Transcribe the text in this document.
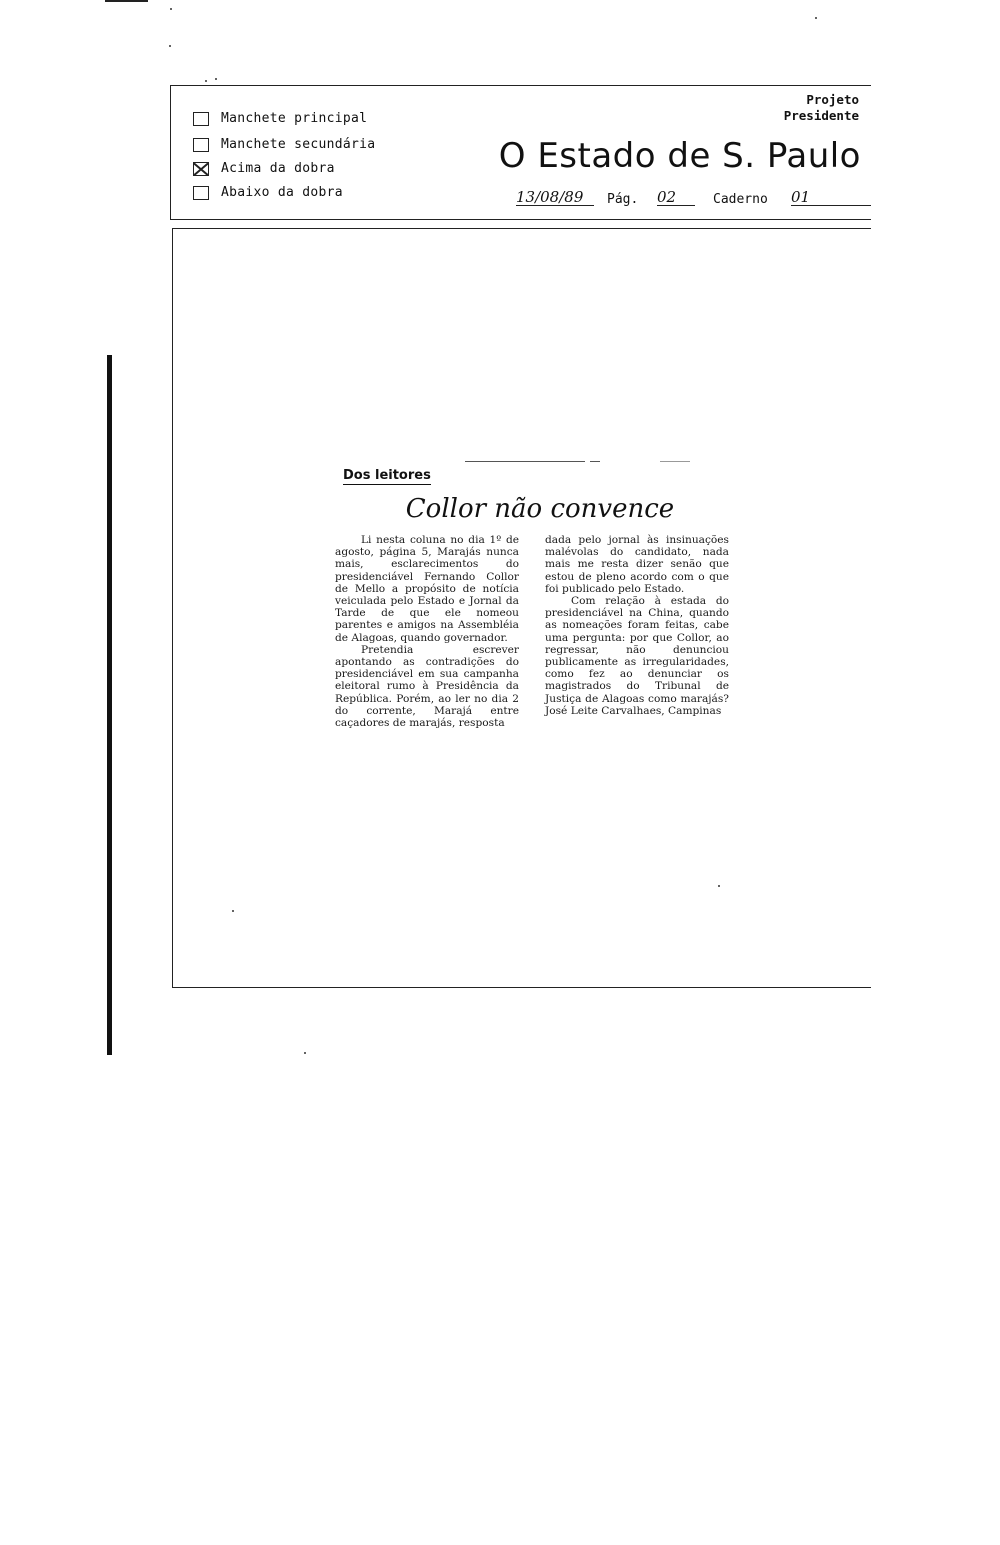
Manchete principal
Manchete secundária
Acima da dobra
Abaixo da dobra
Projeto
Presidente
O Estado de S. Paulo
13/08/89	Pág. 02	Caderno 01
Dos leitores
Collor não convence

Li nesta coluna no dia 1º de agosto, página 5, Marajás nunca mais, esclarecimentos do presidenciável Fernando Collor de Mello a propósito de notícia veiculada pelo Estado e Jornal da Tarde de que ele nomeou parentes e amigos na Assembléia de Alagoas, quando governador.

Pretendia escrever apontando as contradições do presidenciável em sua campanha eleitoral rumo à Presidência da República. Porém, ao ler no dia 2 do corrente, Marajá entre caçadores de marajás, resposta

dada pelo jornal às insinuações malévolas do candidato, nada mais me resta dizer senão que estou de pleno acordo com o que foi publicado pelo Estado.

Com relação à estada do presidenciável na China, quando as nomeações foram feitas, cabe uma pergunta: por que Collor, ao regressar, não denunciou publicamente as irregularidades, como fez ao denunciar os magistrados do Tribunal de Justiça de Alagoas como marajás? José Leite Carvalhaes, Campinas
